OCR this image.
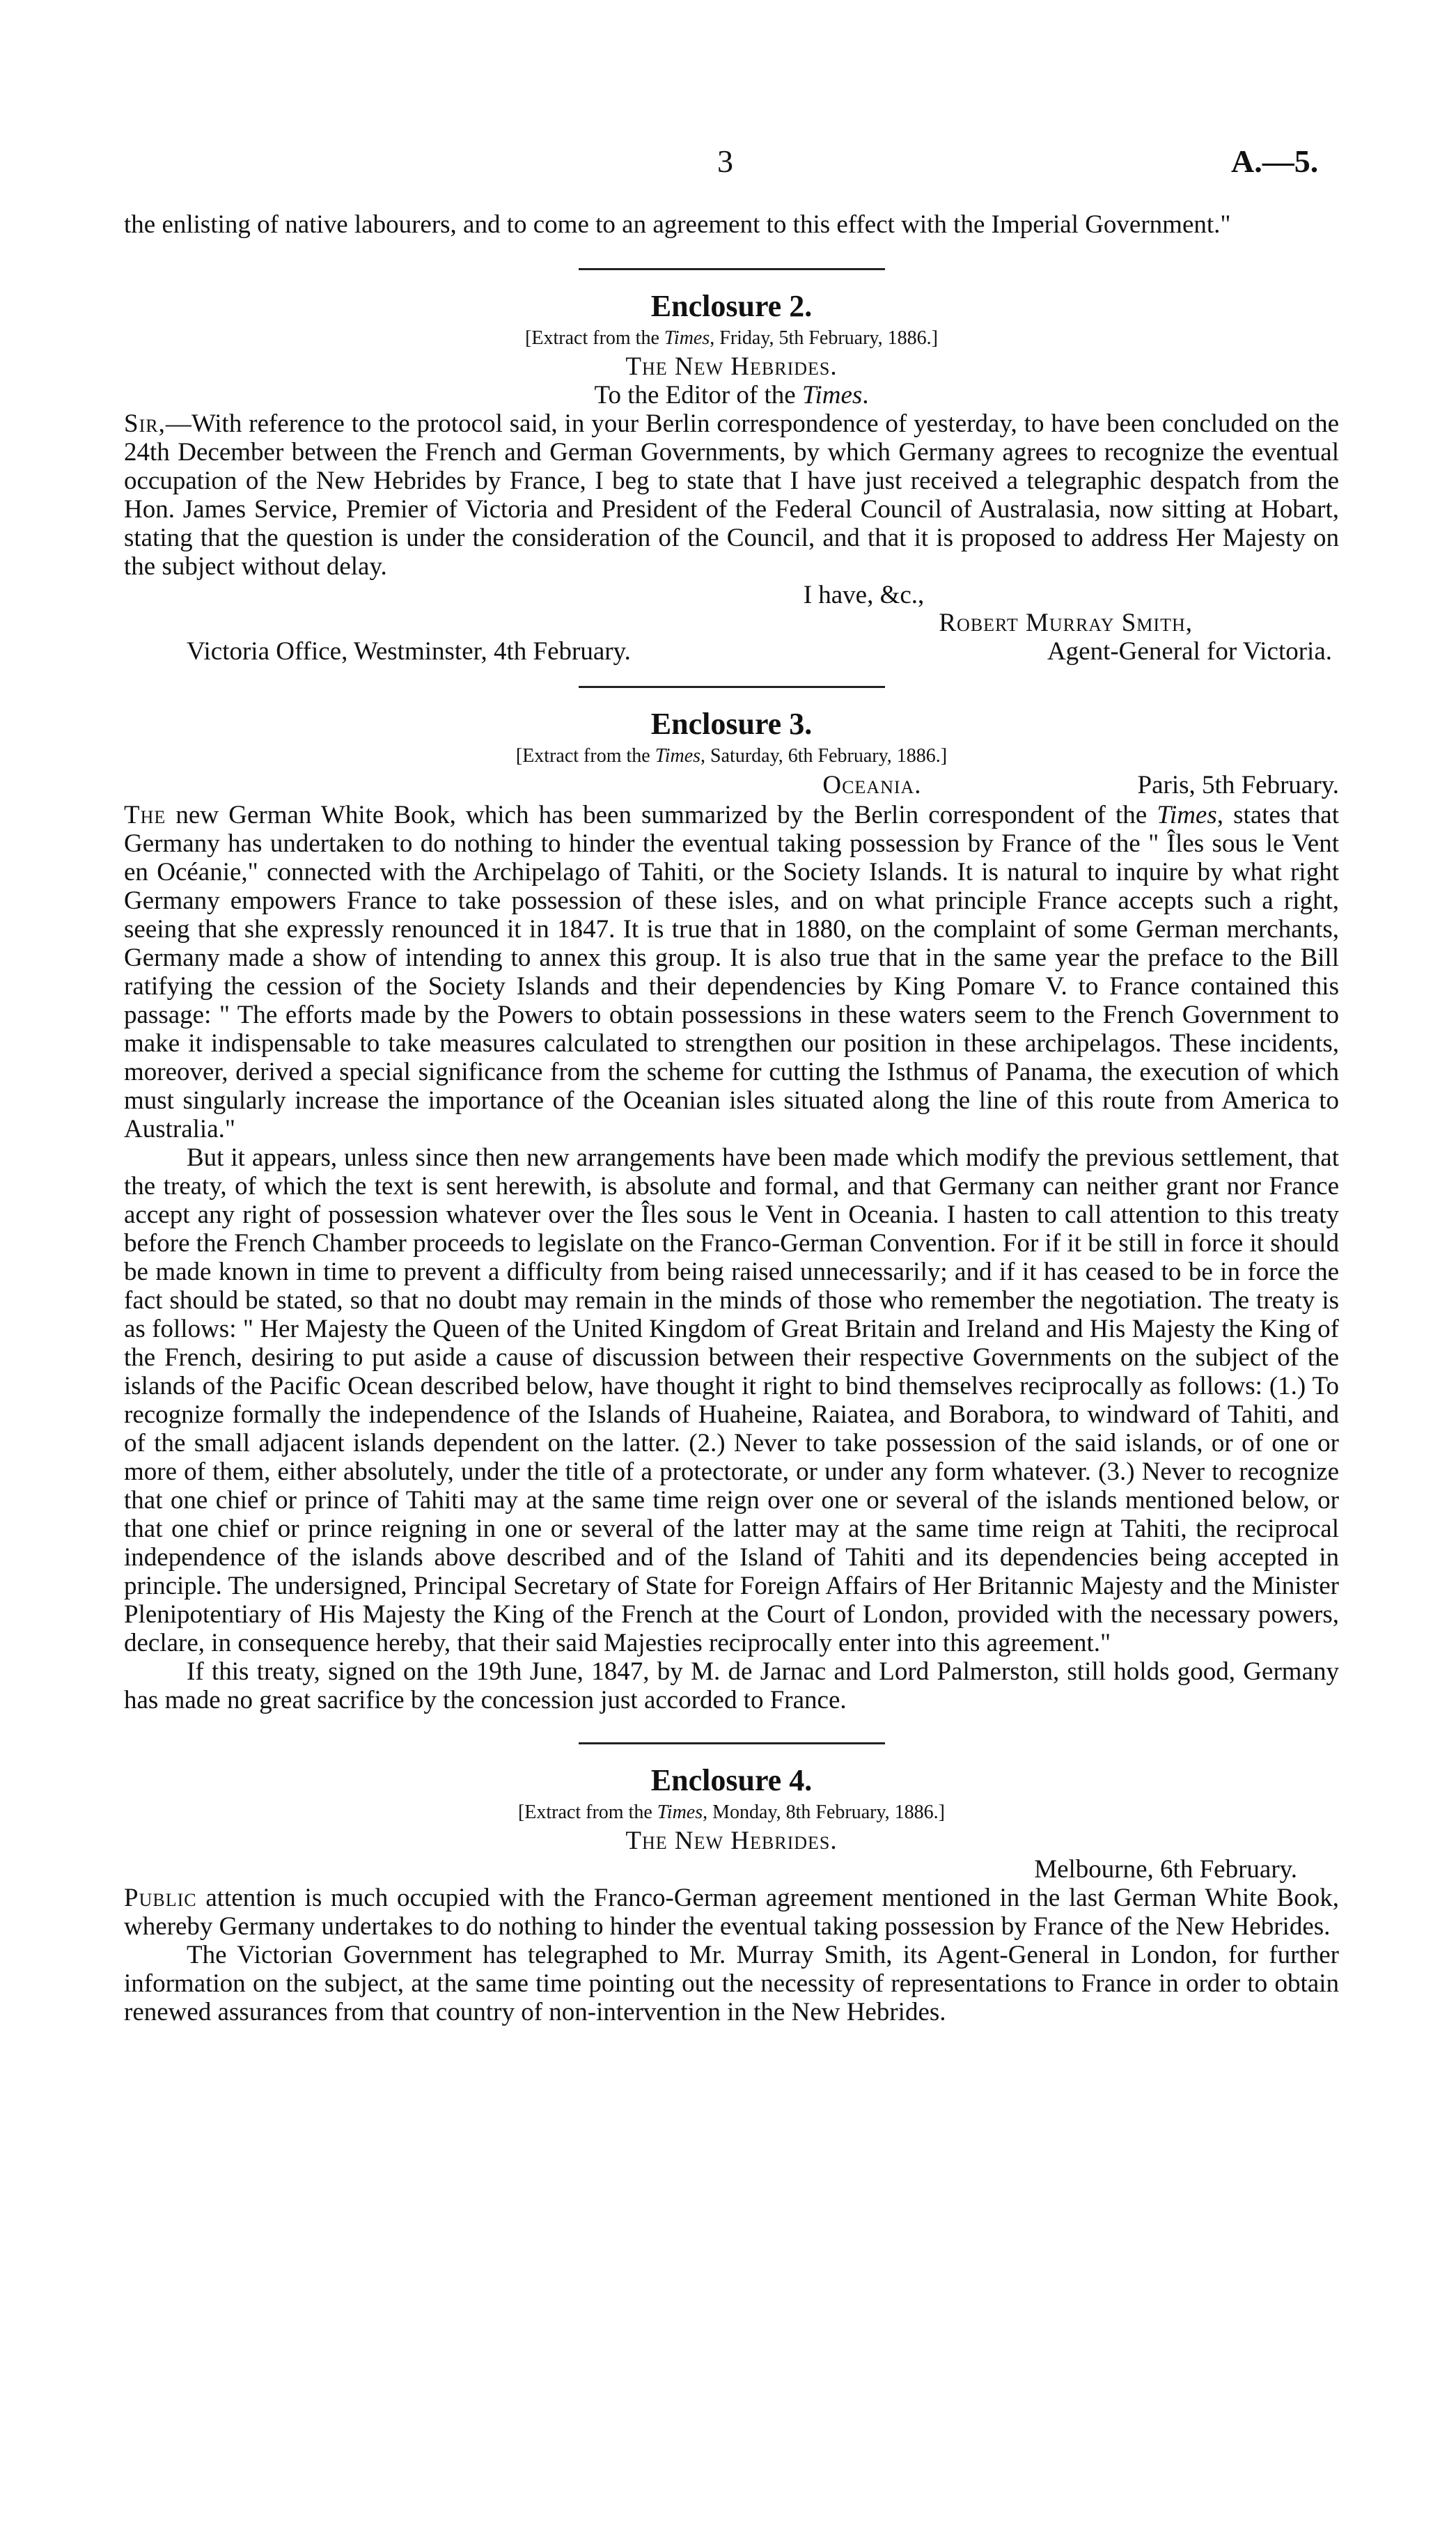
3	A.—5.

the enlisting of native labourers, and to come to an agreement to this effect with the Imperial Government."

Enclosure 2.

[Extract from the Times, Friday, 5th February, 1886.]

The New Hebrides.

To the Editor of the Times.

Sir,—With reference to the protocol said, in your Berlin correspondence of yesterday, to have been concluded on the 24th December between the French and German Governments, by which Germany agrees to recognize the eventual occupation of the New Hebrides by France, I beg to state that I have just received a telegraphic despatch from the Hon. James Service, Premier of Victoria and President of the Federal Council of Australasia, now sitting at Hobart, stating that the question is under the consideration of the Council, and that it is proposed to address Her Majesty on the subject without delay.

I have, &c.,

Robert Murray Smith,

Victoria Office, Westminster, 4th February.	Agent-General for Victoria.
Enclosure 3.

[Extract from the Times, Saturday, 6th February, 1886.]

Oceania.	Paris, 5th February.

The new German White Book, which has been summarized by the Berlin correspondent of the Times, states that Germany has undertaken to do nothing to hinder the eventual taking possession by France of the " Îles sous le Vent en Océanie," connected with the Archipelago of Tahiti, or the Society Islands. It is natural to inquire by what right Germany empowers France to take possession of these isles, and on what principle France accepts such a right, seeing that she expressly renounced it in 1847. It is true that in 1880, on the complaint of some German merchants, Germany made a show of intending to annex this group. It is also true that in the same year the preface to the Bill ratifying the cession of the Society Islands and their dependencies by King Pomare V. to France contained this passage: " The efforts made by the Powers to obtain possessions in these waters seem to the French Government to make it indispensable to take measures calculated to strengthen our position in these archipelagos. These incidents, moreover, derived a special significance from the scheme for cutting the Isthmus of Panama, the execution of which must singularly increase the importance of the Oceanian isles situated along the line of this route from America to Australia."

But it appears, unless since then new arrangements have been made which modify the previous settlement, that the treaty, of which the text is sent herewith, is absolute and formal, and that Germany can neither grant nor France accept any right of possession whatever over the Îles sous le Vent in Oceania. I hasten to call attention to this treaty before the French Chamber proceeds to legislate on the Franco-German Convention. For if it be still in force it should be made known in time to prevent a difficulty from being raised unnecessarily; and if it has ceased to be in force the fact should be stated, so that no doubt may remain in the minds of those who remember the negotiation. The treaty is as follows: " Her Majesty the Queen of the United Kingdom of Great Britain and Ireland and His Majesty the King of the French, desiring to put aside a cause of discussion between their respective Governments on the subject of the islands of the Pacific Ocean described below, have thought it right to bind themselves reciprocally as follows: (1.) To recognize formally the independence of the Islands of Huaheine, Raiatea, and Borabora, to windward of Tahiti, and of the small adjacent islands dependent on the latter. (2.) Never to take possession of the said islands, or of one or more of them, either absolutely, under the title of a protectorate, or under any form whatever. (3.) Never to recognize that one chief or prince of Tahiti may at the same time reign over one or several of the islands mentioned below, or that one chief or prince reigning in one or several of the latter may at the same time reign at Tahiti, the reciprocal independence of the islands above described and of the Island of Tahiti and its dependencies being accepted in principle. The undersigned, Principal Secretary of State for Foreign Affairs of Her Britannic Majesty and the Minister Plenipotentiary of His Majesty the King of the French at the Court of London, provided with the necessary powers, declare, in consequence hereby, that their said Majesties reciprocally enter into this agreement."

If this treaty, signed on the 19th June, 1847, by M. de Jarnac and Lord Palmerston, still holds good, Germany has made no great sacrifice by the concession just accorded to France.

Enclosure 4.

[Extract from the Times, Monday, 8th February, 1886.]

The New Hebrides.

Melbourne, 6th February.

Public attention is much occupied with the Franco-German agreement mentioned in the last German White Book, whereby Germany undertakes to do nothing to hinder the eventual taking possession by France of the New Hebrides.

The Victorian Government has telegraphed to Mr. Murray Smith, its Agent-General in London, for further information on the subject, at the same time pointing out the necessity of representations to France in order to obtain renewed assurances from that country of non-intervention in the New Hebrides.
